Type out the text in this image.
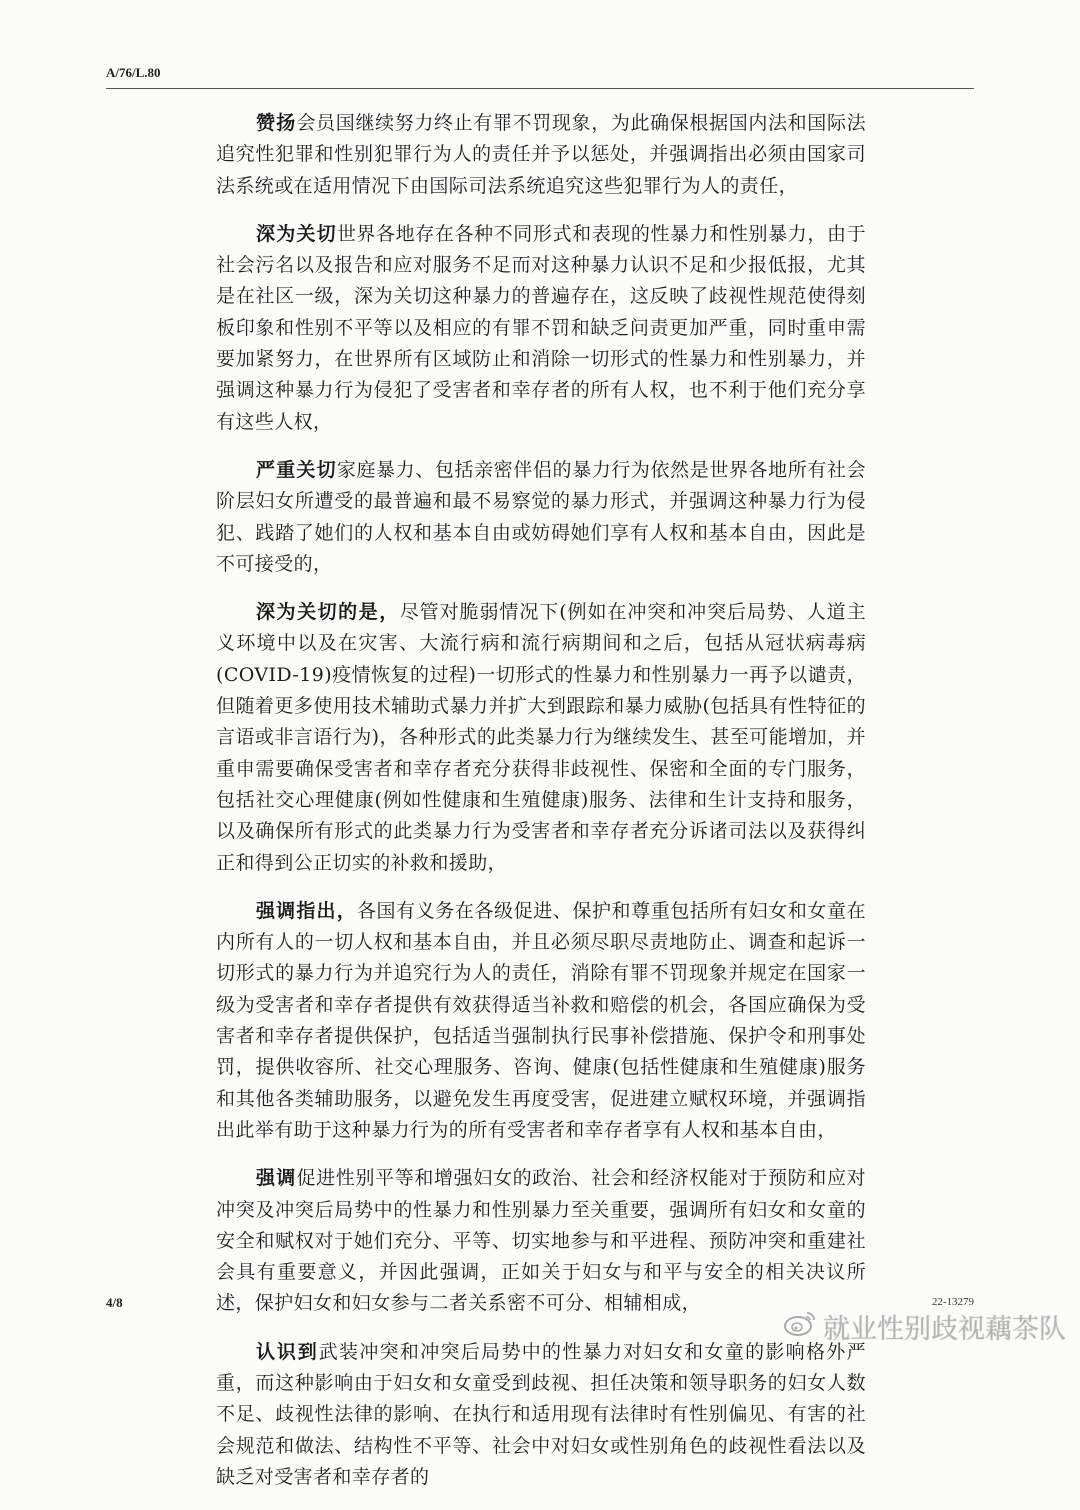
A/76/L.80

赞扬会员国继续努力终止有罪不罚现象，为此确保根据国内法和国际法追究性犯罪和性别犯罪行为人的责任并予以惩处，并强调指出必须由国家司法系统或在适用情况下由国际司法系统追究这些犯罪行为人的责任，

深为关切世界各地存在各种不同形式和表现的性暴力和性别暴力，由于社会污名以及报告和应对服务不足而对这种暴力认识不足和少报低报，尤其是在社区一级，深为关切这种暴力的普遍存在，这反映了歧视性规范使得刻板印象和性别不平等以及相应的有罪不罚和缺乏问责更加严重，同时重申需要加紧努力，在世界所有区域防止和消除一切形式的性暴力和性别暴力，并强调这种暴力行为侵犯了受害者和幸存者的所有人权，也不利于他们充分享有这些人权，

严重关切家庭暴力、包括亲密伴侣的暴力行为依然是世界各地所有社会阶层妇女所遭受的最普遍和最不易察觉的暴力形式，并强调这种暴力行为侵犯、践踏了她们的人权和基本自由或妨碍她们享有人权和基本自由，因此是不可接受的，

深为关切的是，尽管对脆弱情况下(例如在冲突和冲突后局势、人道主义环境中以及在灾害、大流行病和流行病期间和之后，包括从冠状病毒病(COVID-19)疫情恢复的过程)一切形式的性暴力和性别暴力一再予以谴责，但随着更多使用技术辅助式暴力并扩大到跟踪和暴力威胁(包括具有性特征的言语或非言语行为)，各种形式的此类暴力行为继续发生、甚至可能增加，并重申需要确保受害者和幸存者充分获得非歧视性、保密和全面的专门服务，包括社交心理健康(例如性健康和生殖健康)服务、法律和生计支持和服务，以及确保所有形式的此类暴力行为受害者和幸存者充分诉诸司法以及获得纠正和得到公正切实的补救和援助，

强调指出，各国有义务在各级促进、保护和尊重包括所有妇女和女童在内所有人的一切人权和基本自由，并且必须尽职尽责地防止、调查和起诉一切形式的暴力行为并追究行为人的责任，消除有罪不罚现象并规定在国家一级为受害者和幸存者提供有效获得适当补救和赔偿的机会，各国应确保为受害者和幸存者提供保护，包括适当强制执行民事补偿措施、保护令和刑事处罚，提供收容所、社交心理服务、咨询、健康(包括性健康和生殖健康)服务和其他各类辅助服务，以避免发生再度受害，促进建立赋权环境，并强调指出此举有助于这种暴力行为的所有受害者和幸存者享有人权和基本自由，

强调促进性别平等和增强妇女的政治、社会和经济权能对于预防和应对冲突及冲突后局势中的性暴力和性别暴力至关重要，强调所有妇女和女童的安全和赋权对于她们充分、平等、切实地参与和平进程、预防冲突和重建社会具有重要意义，并因此强调，正如关于妇女与和平与安全的相关决议所述，保护妇女和妇女参与二者关系密不可分、相辅相成，

认识到武装冲突和冲突后局势中的性暴力对妇女和女童的影响格外严重，而这种影响由于妇女和女童受到歧视、担任决策和领导职务的妇女人数不足、歧视性法律的影响、在执行和适用现有法律时有性别偏见、有害的社会规范和做法、结构性不平等、社会中对妇女或性别角色的歧视性看法以及缺乏对受害者和幸存者的

4/8	22-13279
就业性别歧视藕茶队
